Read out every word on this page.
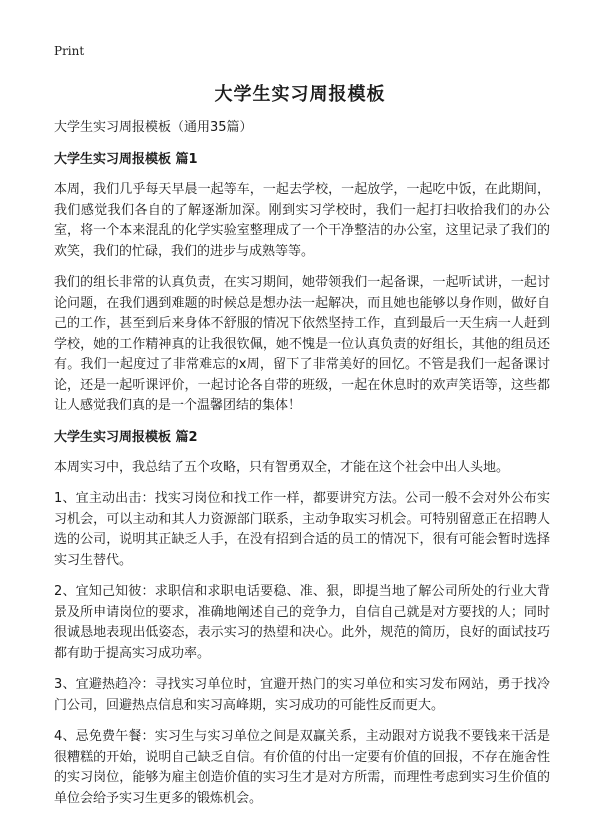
Print
大学生实习周报模板

大学生实习周报模板（通用35篇）

大学生实习周报模板 篇1

本周，我们几乎每天早晨一起等车，一起去学校，一起放学，一起吃中饭，在此期间，我们感觉我们各自的了解逐渐加深。刚到实习学校时，我们一起打扫收拾我们的办公室，将一个本来混乱的化学实验室整理成了一个干净整洁的办公室，这里记录了我们的欢笑，我们的忙碌，我们的进步与成熟等等。

我们的组长非常的认真负责，在实习期间，她带领我们一起备课，一起听试讲，一起讨论问题，在我们遇到难题的时候总是想办法一起解决，而且她也能够以身作则，做好自己的工作，甚至到后来身体不舒服的情况下依然坚持工作，直到最后一天生病一人赶到学校，她的工作精神真的让我很钦佩，她不愧是一位认真负责的好组长，其他的组员还有。我们一起度过了非常难忘的x周，留下了非常美好的回忆。不管是我们一起备课讨论，还是一起听课评价，一起讨论各自带的班级，一起在休息时的欢声笑语等，这些都让人感觉我们真的是一个温馨团结的集体！

大学生实习周报模板 篇2

本周实习中，我总结了五个攻略，只有智勇双全，才能在这个社会中出人头地。

1、宜主动出击：找实习岗位和找工作一样，都要讲究方法。公司一般不会对外公布实习机会，可以主动和其人力资源部门联系，主动争取实习机会。可特别留意正在招聘人选的公司，说明其正缺乏人手，在没有招到合适的员工的情况下，很有可能会暂时选择实习生替代。

2、宜知己知彼：求职信和求职电话要稳、准、狠，即提当地了解公司所处的行业大背景及所申请岗位的要求，准确地阐述自己的竞争力，自信自己就是对方要找的人；同时很诚恳地表现出低姿态，表示实习的热望和决心。此外，规范的简历，良好的面试技巧都有助于提高实习成功率。

3、宜避热趋冷：寻找实习单位时，宜避开热门的实习单位和实习发布网站，勇于找冷门公司，回避热点信息和实习高峰期，实习成功的可能性反而更大。

4、忌免费午餐：实习生与实习单位之间是双赢关系，主动跟对方说我不要钱来干活是很糟糕的开始，说明自己缺乏自信。有价值的付出一定要有价值的回报，不存在施舍性的实习岗位，能够为雇主创造价值的实习生才是对方所需，而理性考虑到实习生价值的单位会给予实习生更多的锻炼机会。
